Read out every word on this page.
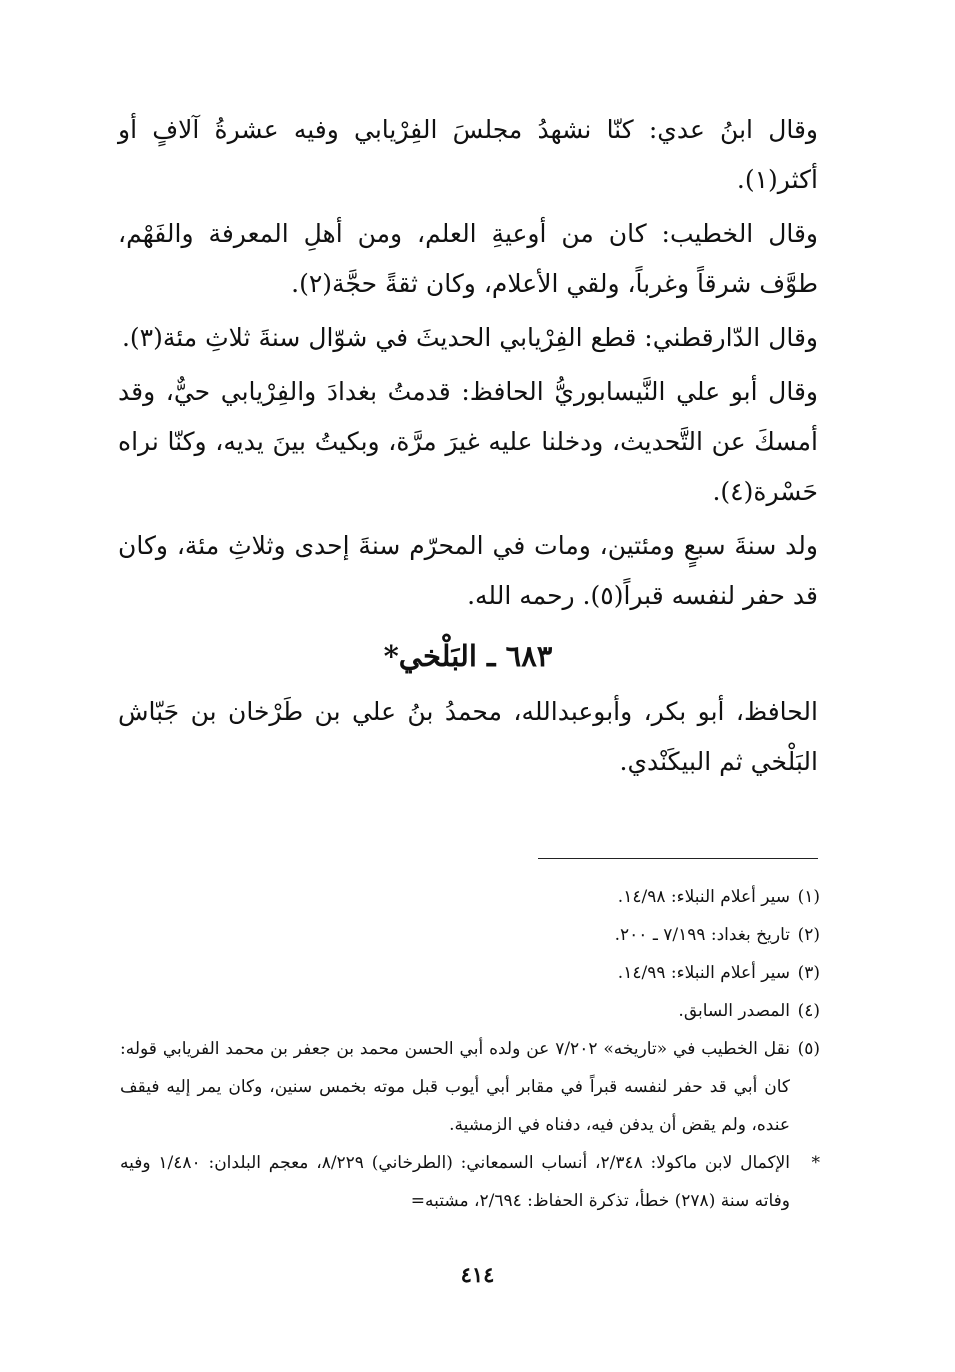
وقال ابنُ عدي: كنّا نشهدُ مجلسَ الفِرْيابي وفيه عشرةُ آلافٍ أو أكثر(١).

وقال الخطيب: كان من أوعيةِ العلم، ومن أهلِ المعرفة والفَهْم، طوَّف شرقاً وغرباً، ولقي الأعلام، وكان ثقةً حجَّة(٢).

وقال الدّارقطني: قطع الفِرْيابي الحديثَ في شوّال سنةَ ثلاثِ مئة(٣).

وقال أبو علي النَّيسابوريُّ الحافظ: قدمتُ بغدادَ والفِرْيابي حيٌّ، وقد أمسكَ عن التَّحديث، ودخلنا عليه غيرَ مرَّة، وبكيتُ بينَ يديه، وكنّا نراه حَسْرة(٤).

ولد سنةَ سبعٍ ومئتين، ومات في المحرّم سنةَ إحدى وثلاثِ مئة، وكان قد حفر لنفسه قبراً(٥). رحمه الله.

٦٨٣ ـ البَلْخي*

الحافظ، أبو بكر، وأبوعبدالله، محمدُ بنُ علي بن طَرْخان بن جَبّاش البَلْخي ثم البيكَنْدي.

(١)
سير أعلام النبلاء: ١٤/٩٨.
(٢)
تاريخ بغداد: ٧/١٩٩ ـ ٢٠٠.
(٣)
سير أعلام النبلاء: ١٤/٩٩.
(٤)
المصدر السابق.
(٥)
نقل الخطيب في «تاريخه» ٧/٢٠٢ عن ولده أبي الحسن محمد بن جعفر بن محمد الفريابي قوله: كان أبي قد حفر لنفسه قبراً في مقابر أبي أيوب قبل موته بخمس سنين، وكان يمر إليه فيقف عنده، ولم يقض أن يدفن فيه، دفناه في الزمشية.
*
الإكمال لابن ماكولا: ٢/٣٤٨، أنساب السمعاني: (الطرخاني) ٨/٢٢٩، معجم البلدان: ١/٤٨٠ وفيه وفاته سنة (٢٧٨) خطأ، تذكرة الحفاظ: ٢/٦٩٤، مشتبه=
٤١٤
